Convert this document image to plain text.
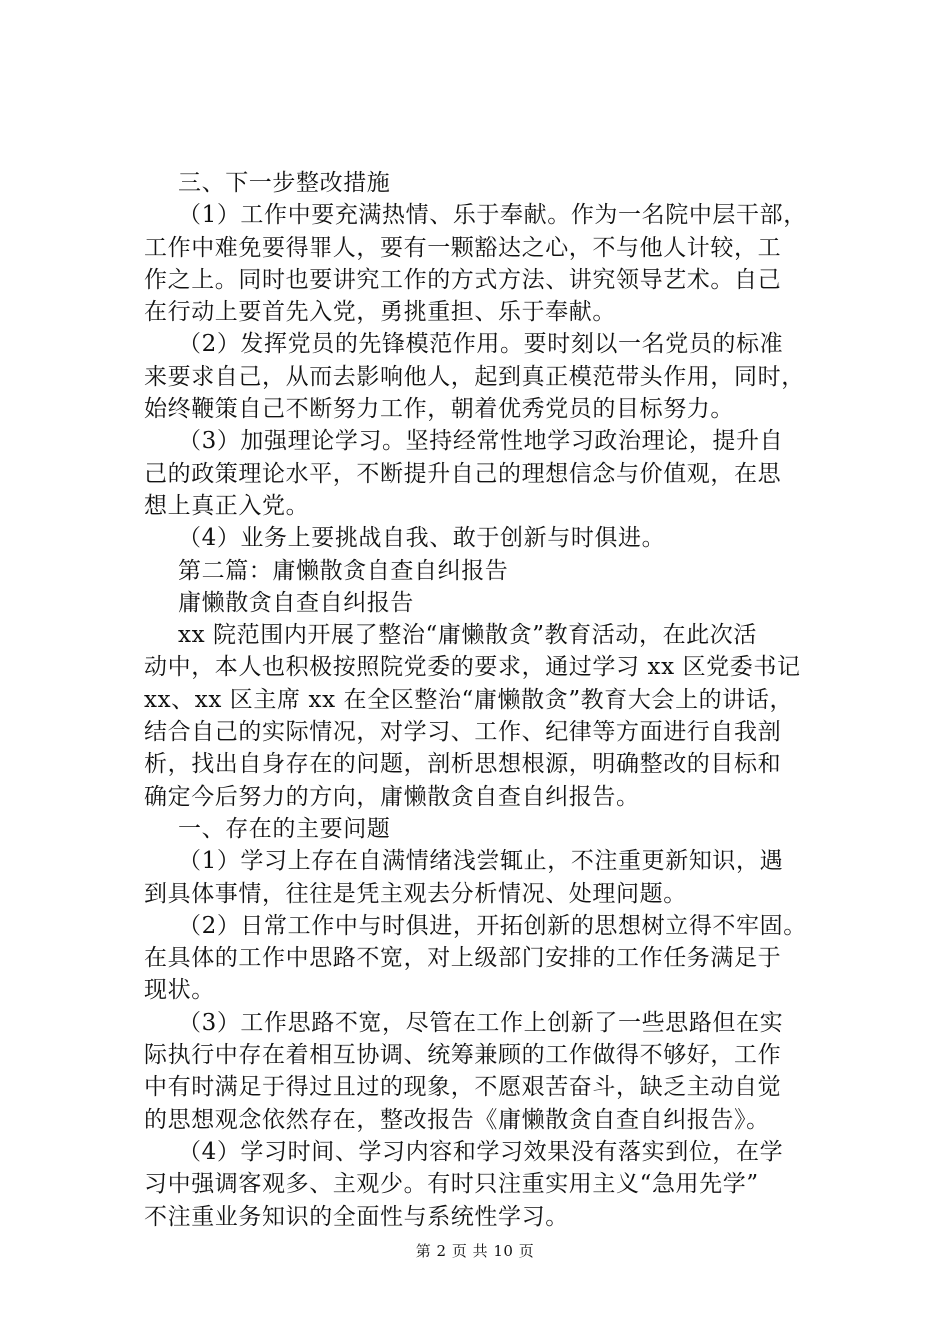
三、下一步整改措施
（1）工作中要充满热情、乐于奉献。作为一名院中层干部，
工作中难免要得罪人，要有一颗豁达之心，不与他人计较，工
作之上。同时也要讲究工作的方式方法、讲究领导艺术。自己
在行动上要首先入党，勇挑重担、乐于奉献。
（2）发挥党员的先锋模范作用。要时刻以一名党员的标准
来要求自己，从而去影响他人，起到真正模范带头作用，同时，
始终鞭策自己不断努力工作，朝着优秀党员的目标努力。
（3）加强理论学习。坚持经常性地学习政治理论，提升自
己的政策理论水平，不断提升自己的理想信念与价值观，在思
想上真正入党。
（4）业务上要挑战自我、敢于创新与时俱进。
第二篇：庸懒散贪自查自纠报告
庸懒散贪自查自纠报告
xx 院范围内开展了整治“庸懒散贪”教育活动，在此次活
动中，本人也积极按照院党委的要求，通过学习 xx 区党委书记
xx、xx 区主席 xx 在全区整治“庸懒散贪”教育大会上的讲话，
结合自己的实际情况，对学习、工作、纪律等方面进行自我剖
析，找出自身存在的问题，剖析思想根源，明确整改的目标和
确定今后努力的方向，庸懒散贪自查自纠报告。
一、存在的主要问题
（1）学习上存在自满情绪浅尝辄止，不注重更新知识，遇
到具体事情，往往是凭主观去分析情况、处理问题。
（2）日常工作中与时俱进，开拓创新的思想树立得不牢固。
在具体的工作中思路不宽，对上级部门安排的工作任务满足于
现状。
（3）工作思路不宽，尽管在工作上创新了一些思路但在实
际执行中存在着相互协调、统筹兼顾的工作做得不够好，工作
中有时满足于得过且过的现象，不愿艰苦奋斗，缺乏主动自觉
的思想观念依然存在，整改报告《庸懒散贪自查自纠报告》。
（4）学习时间、学习内容和学习效果没有落实到位，在学
习中强调客观多、主观少。有时只注重实用主义“急用先学”
不注重业务知识的全面性与系统性学习。
第 2 页 共 10 页
